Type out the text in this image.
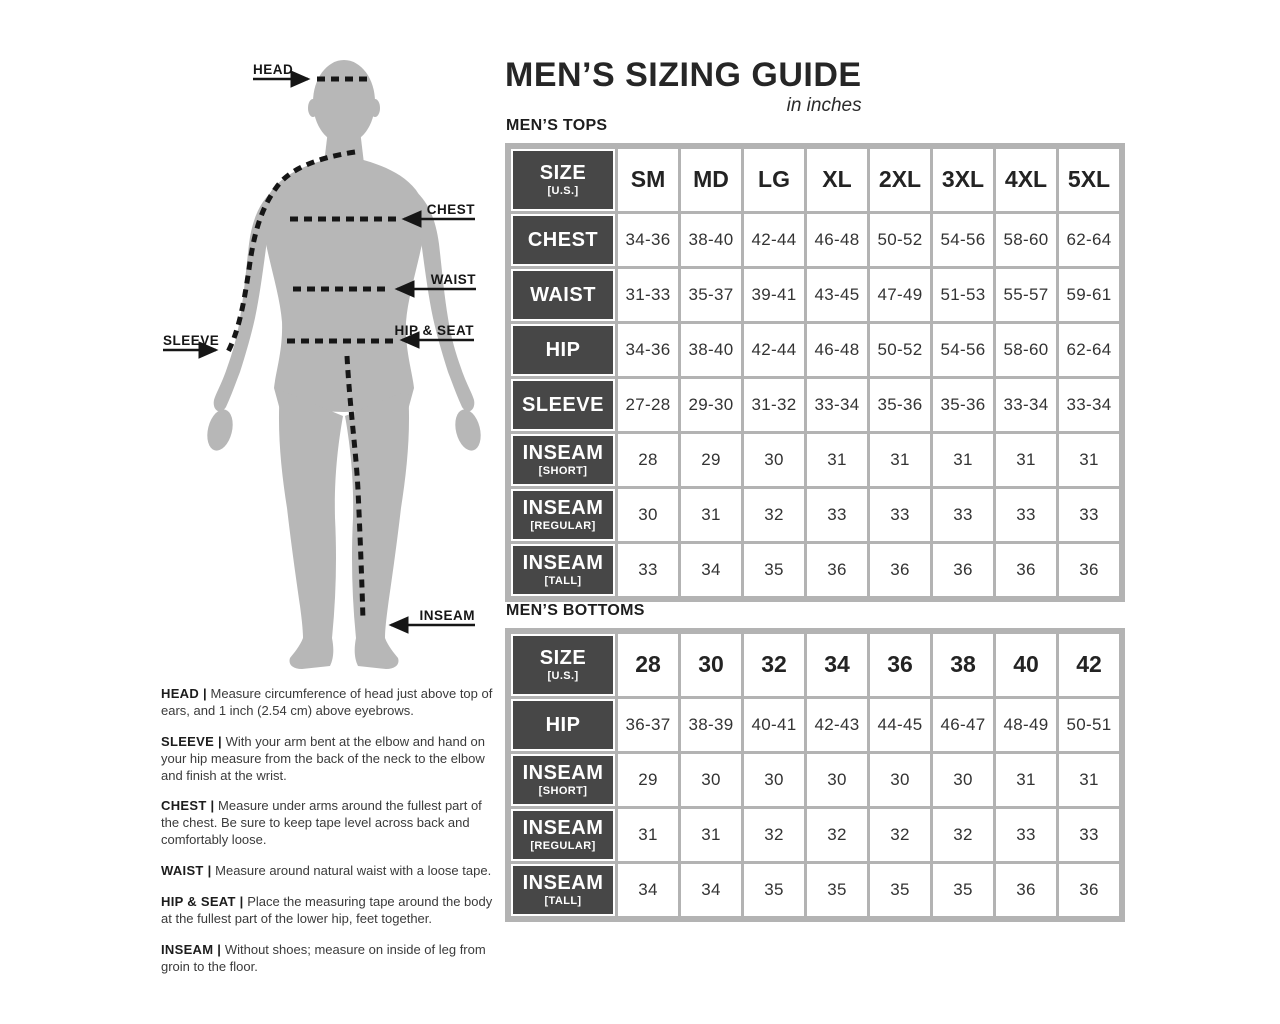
HEAD
SLEEVE
CHEST
WAIST
HIP & SEAT
INSEAM

HEAD | Measure circumference of head just above top of ears, and 1 inch (2.54 cm) above eyebrows.

SLEEVE | With your arm bent at the elbow and hand on your hip measure from the back of the neck to the elbow and finish at the wrist.

CHEST | Measure under arms around the fullest part of the chest. Be sure to keep tape level across back and comfortably loose.

WAIST | Measure around natural waist with a loose tape.

HIP & SEAT | Place the measuring tape around the body at the fullest part of the lower hip, feet together.

INSEAM | Without shoes; measure on inside of leg from groin to the floor.

MEN’S SIZING GUIDE
in inches
MEN’S TOPS
SIZE
[U.S.]	SM	MD	LG	XL	2XL	3XL	4XL	5XL

CHEST	34-36	38-40	42-44	46-48	50-52	54-56	58-60	62-64

WAIST	31-33	35-37	39-41	43-45	47-49	51-53	55-57	59-61

HIP	34-36	38-40	42-44	46-48	50-52	54-56	58-60	62-64

SLEEVE	27-28	29-30	31-32	33-34	35-36	35-36	33-34	33-34

INSEAM
[SHORT]	28	29	30	31	31	31	31	31

INSEAM
[REGULAR]	30	31	32	33	33	33	33	33

INSEAM
[TALL]	33	34	35	36	36	36	36	36
MEN’S BOTTOMS
SIZE
[U.S.]	28	30	32	34	36	38	40	42

HIP	36-37	38-39	40-41	42-43	44-45	46-47	48-49	50-51

INSEAM
[SHORT]	29	30	30	30	30	30	31	31

INSEAM
[REGULAR]	31	31	32	32	32	32	33	33

INSEAM
[TALL]	34	34	35	35	35	35	36	36
